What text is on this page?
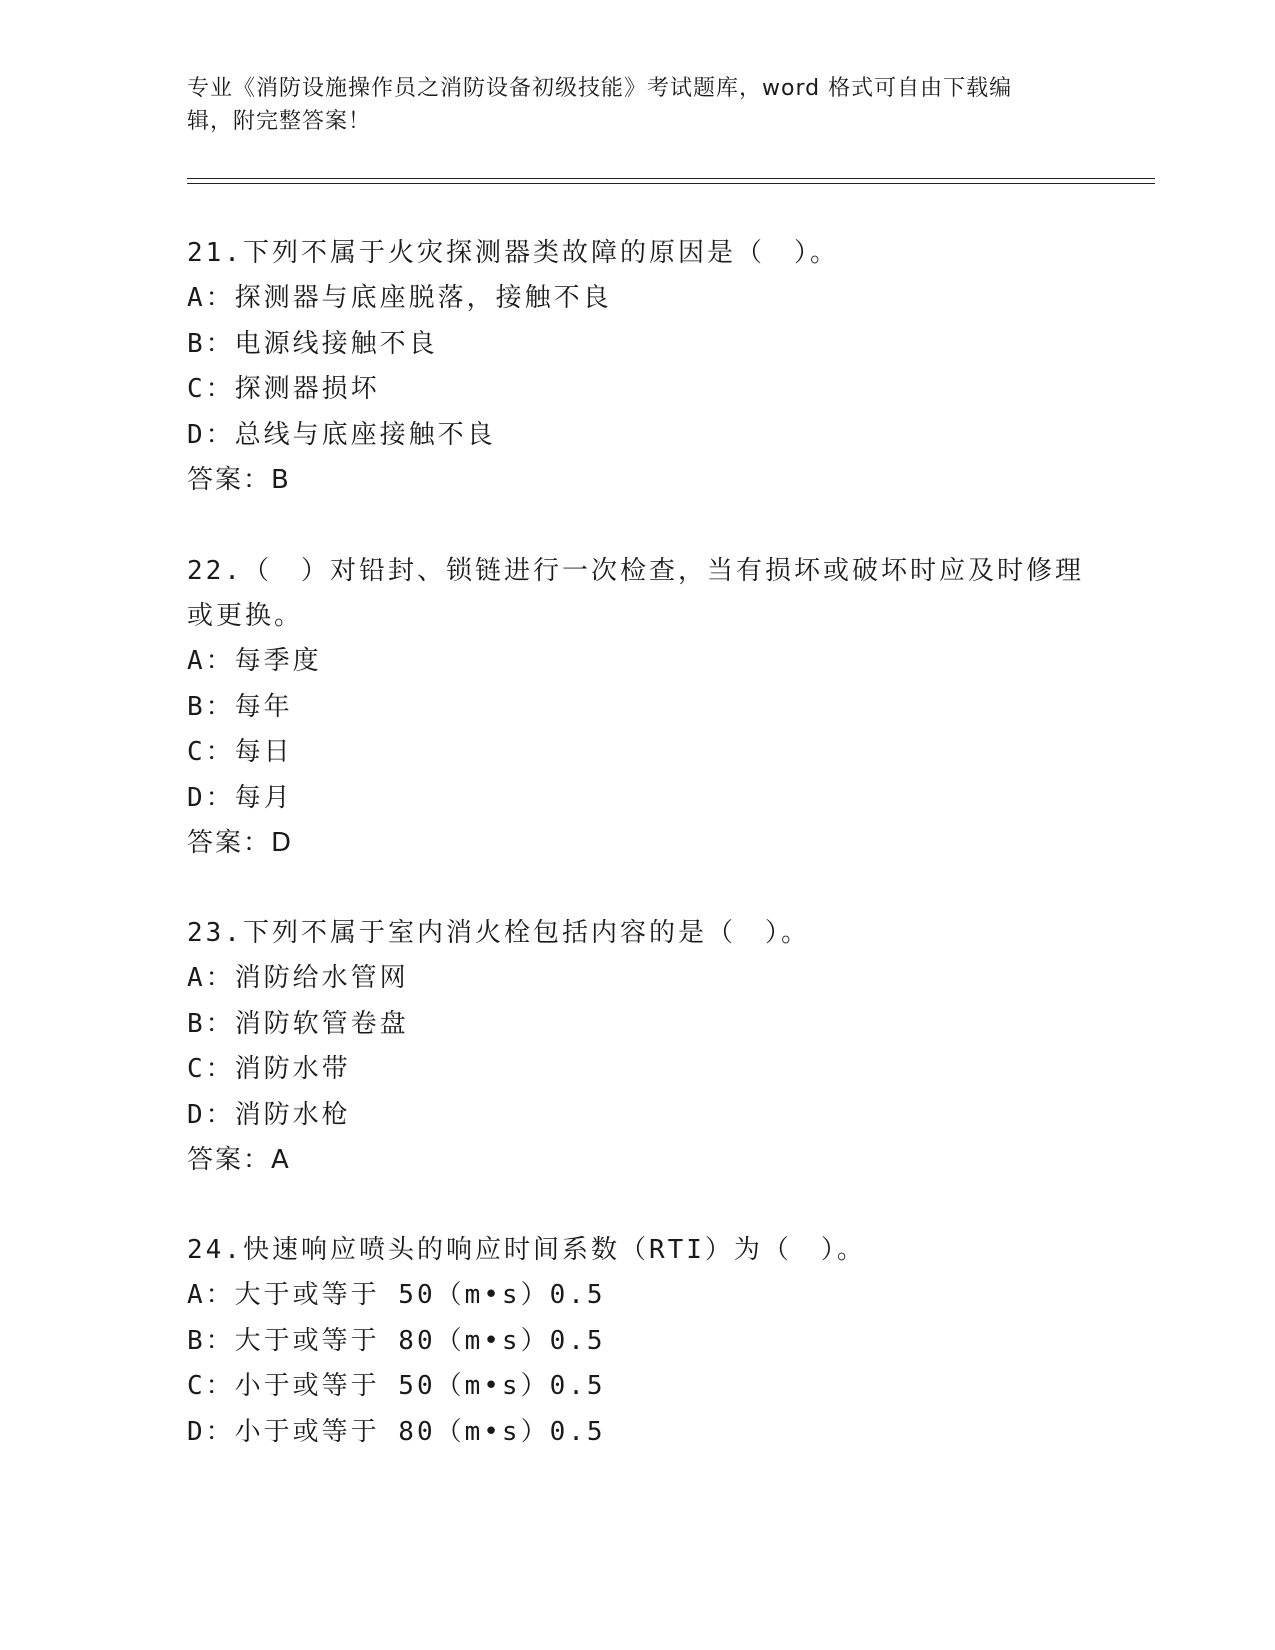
专业《消防设施操作员之消防设备初级技能》考试题库，word 格式可自由下载编
辑，附完整答案！

21.下列不属于火灾探测器类故障的原因是（　）。

A：探测器与底座脱落，接触不良

B：电源线接触不良

C：探测器损坏

D：总线与底座接触不良

答案：B

22.（　）对铅封、锁链进行一次检查，当有损坏或破坏时应及时修理或更换。

A：每季度

B：每年

C：每日

D：每月

答案：D

23.下列不属于室内消火栓包括内容的是（　）。

A：消防给水管网

B：消防软管卷盘

C：消防水带

D：消防水枪

答案：A

24.快速响应喷头的响应时间系数（RTI）为（　）。

A：大于或等于 50（m•s）0.5

B：大于或等于 80（m•s）0.5

C：小于或等于 50（m•s）0.5

D：小于或等于 80（m•s）0.5
